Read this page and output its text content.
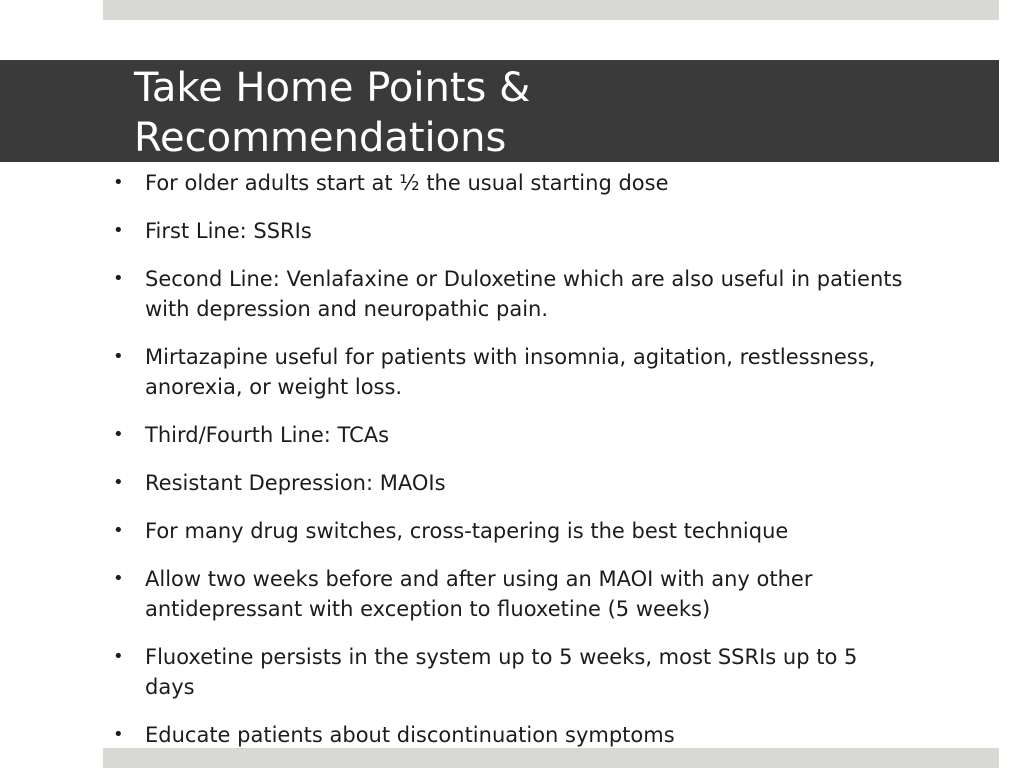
Take Home Points &
Recommendations
• For older adults start at ½ the usual starting dose
• First Line: SSRIs
• Second Line: Venlafaxine or Duloxetine which are also useful in patients with depression and neuropathic pain.
• Mirtazapine useful for patients with insomnia, agitation, restlessness, anorexia, or weight loss.
• Third/Fourth Line: TCAs
• Resistant Depression: MAOIs
• For many drug switches, cross-tapering is the best technique
• Allow two weeks before and after using an MAOI with any other antidepressant with exception to fluoxetine (5 weeks)
• Fluoxetine persists in the system up to 5 weeks, most SSRIs up to 5 days
• Educate patients about discontinuation symptoms
